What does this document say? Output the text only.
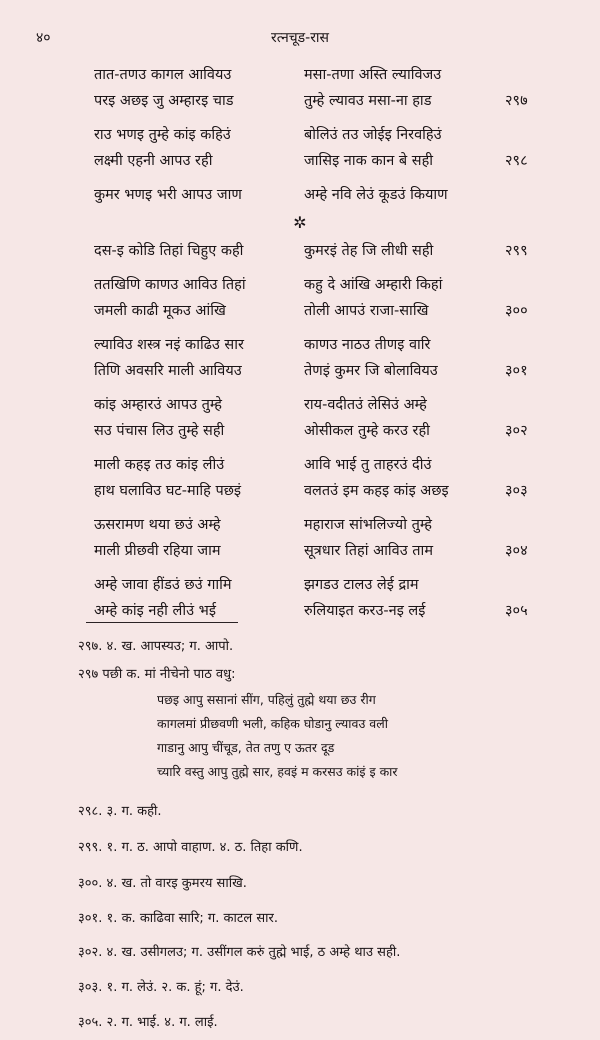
४०	रत्नचूड-रास
तात-तणउ कागल आवियउ	मसा-तणा अस्ति ल्याविजउ
परइ अछइ जु अम्हारइ चाड	तुम्हे ल्यावउ मसा-ना हाड	२९७
राउ भणइ तुम्हे कांइ कहिउं	बोलिउं तउ जोईइ निरवहिउं
लक्ष्मी एहनी आपउ रही	जासिइ नाक कान बे सही	२९८
कुमर भणइ भरी आपउ जाण	अम्हे नवि लेउं कूडउं कियाण
✲
दस-इ कोडि तिहां चिहुए कही	कुमरइं तेह जि लीधी सही	२९९
ततखिणि काणउ आविउ तिहां	कहु दे आंखि अम्हारी किहां
जमली काढी मूकउ आंखि	तोली आपउं राजा-साखि	३००
ल्याविउ शस्त्र नइं काढिउ सार	काणउ नाठउ तीणइ वारि
तिणि अवसरि माली आवियउ	तेणइं कुमर जि बोलावियउ	३०१
कांइ अम्हारउं आपउ तुम्हे	राय-वदीतउं लेसिउं अम्हे
सउ पंचास लिउ तुम्हे सही	ओसीकल तुम्हे करउ रही	३०२
माली कहइ तउ कांइ लीउं	आवि भाई तु ताहरउं दीउं
हाथ घलाविउ घट-माहि पछइं	वलतउं इम कहइ कांइ अछइ	३०३
ऊसरामण थया छउं अम्हे	महाराज सांभलिज्यो तुम्हे
माली प्रीछवी रहिया जाम	सूत्रधार तिहां आविउ ताम	३०४
अम्हे जावा हींडउं छउं गामि	झगडउ टालउ लेई द्राम
अम्हे कांइ नही लीउं भई	रुलियाइत करउ-नइ लई	३०५
२९७. ४. ख. आपस्यउ; ग. आपो.
२९७ पछी क. मां नीचेनो पाठ वधु:
पछइ आपु ससानां सींग, पहिलुं तुह्मे थया छउ रीग
कागलमां प्रीछवणी भली, कहिक घोडानु ल्यावउ वली
गाडानु आपु चींचूड, तेत तणु ए ऊतर दूड
च्यारि वस्तु आपु तुह्मे सार, हवइं म करसउ कांइं इ कार
२९८. ३. ग. कही.
२९९. १. ग. ठ. आपो वाहाण. ४. ठ. तिहा कणि.
३००. ४. ख. तो वारइ कुमरय साखि.
३०१. १. क. काढिवा सारि; ग. काटल सार.
३०२. ४. ख. उसीगलउ; ग. उसींगल करुं तुह्मे भाई, ठ अम्हे थाउ सही.
३०३. १. ग. लेउं. २. क. हूं; ग. देउं.
३०५. २. ग. भाई. ४. ग. लाई.
